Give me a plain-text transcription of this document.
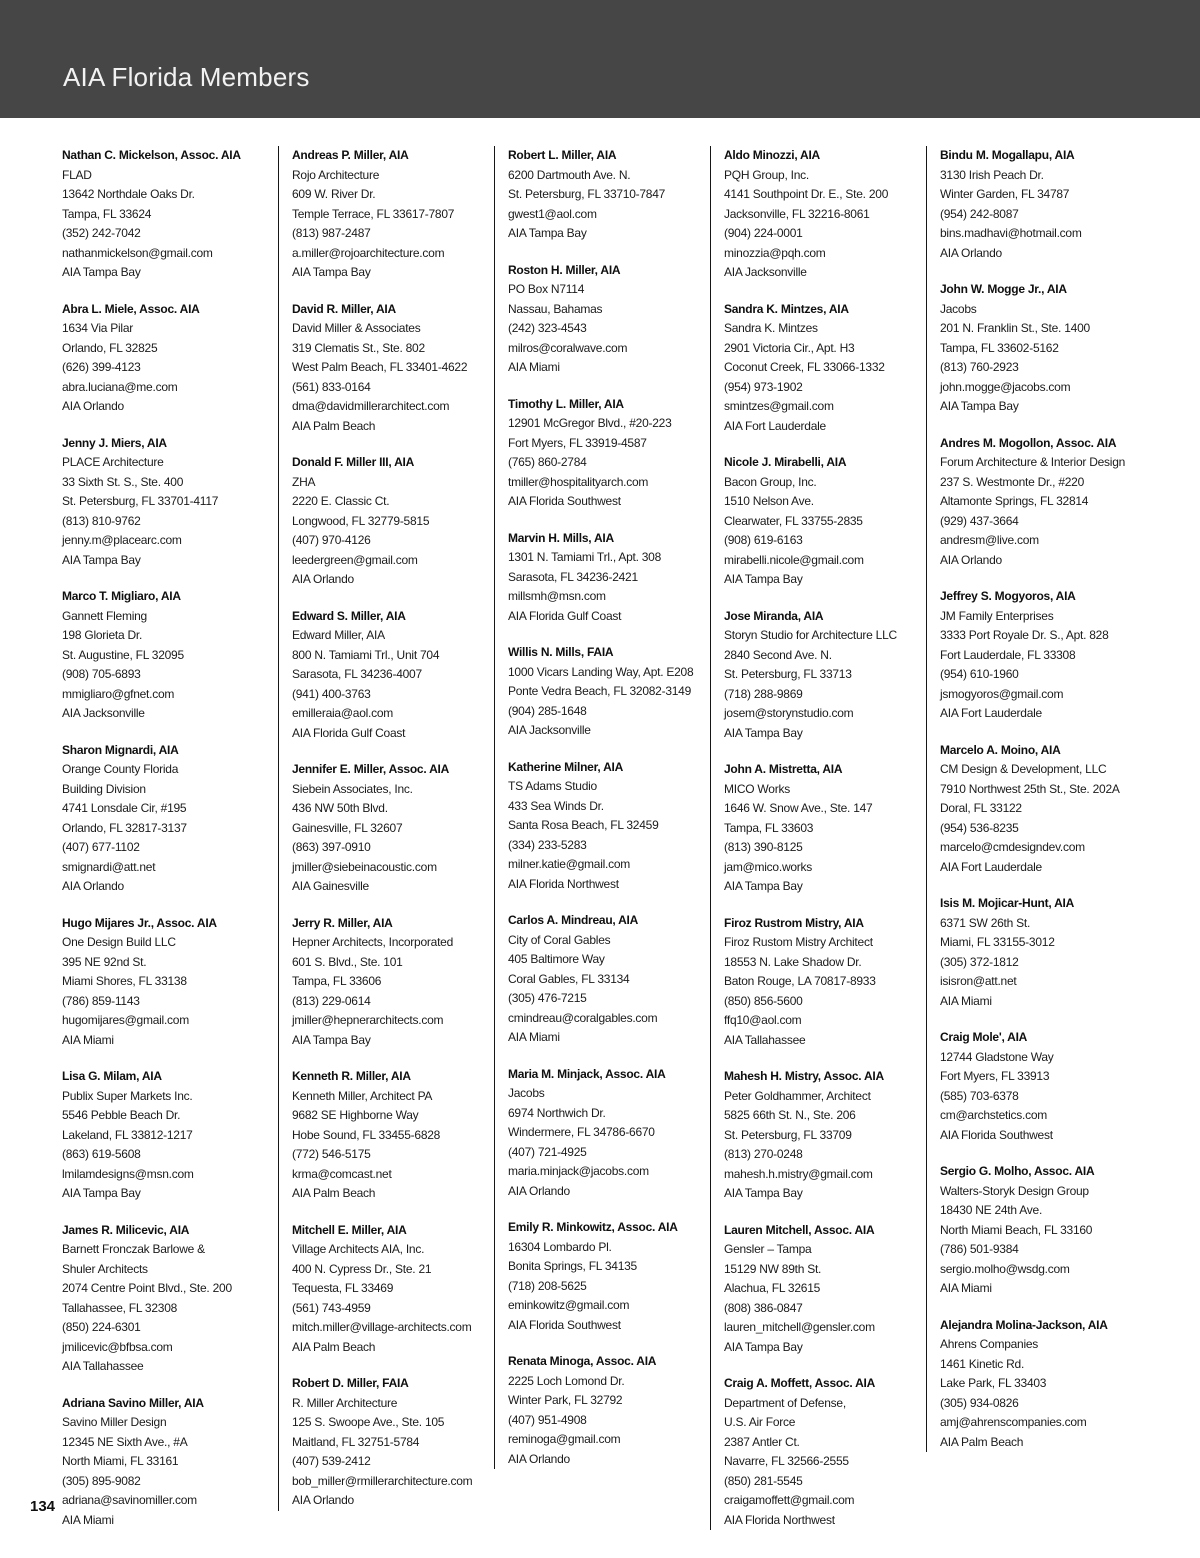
AIA Florida Members
Nathan C. Mickelson, Assoc. AIA

FLAD

13642 Northdale Oaks Dr.

Tampa, FL 33624

(352) 242-7042

nathanmickelson@gmail.com

AIA Tampa Bay

Abra L. Miele, Assoc. AIA

1634 Via Pilar

Orlando, FL 32825

(626) 399-4123

abra.luciana@me.com

AIA Orlando

Jenny J. Miers, AIA

PLACE Architecture

33 Sixth St. S., Ste. 400

St. Petersburg, FL 33701-4117

(813) 810-9762

jenny.m@placearc.com

AIA Tampa Bay

Marco T. Migliaro, AIA

Gannett Fleming

198 Glorieta Dr.

St. Augustine, FL 32095

(908) 705-6893

mmigliaro@gfnet.com

AIA Jacksonville

Sharon Mignardi, AIA

Orange County Florida

Building Division

4741 Lonsdale Cir, #195

Orlando, FL 32817-3137

(407) 677-1102

smignardi@att.net

AIA Orlando

Hugo Mijares Jr., Assoc. AIA

One Design Build LLC

395 NE 92nd St.

Miami Shores, FL 33138

(786) 859-1143

hugomijares@gmail.com

AIA Miami

Lisa G. Milam, AIA

Publix Super Markets Inc.

5546 Pebble Beach Dr.

Lakeland, FL 33812-1217

(863) 619-5608

lmilamdesigns@msn.com

AIA Tampa Bay

James R. Milicevic, AIA

Barnett Fronczak Barlowe &

Shuler Architects

2074 Centre Point Blvd., Ste. 200

Tallahassee, FL 32308

(850) 224-6301

jmilicevic@bfbsa.com

AIA Tallahassee

Adriana Savino Miller, AIA

Savino Miller Design

12345 NE Sixth Ave., #A

North Miami, FL 33161

(305) 895-9082

adriana@savinomiller.com

AIA Miami

Andreas P. Miller, AIA

Rojo Architecture

609 W. River Dr.

Temple Terrace, FL 33617-7807

(813) 987-2487

a.miller@rojoarchitecture.com

AIA Tampa Bay

David R. Miller, AIA

David Miller & Associates

319 Clematis St., Ste. 802

West Palm Beach, FL 33401-4622

(561) 833-0164

dma@davidmillerarchitect.com

AIA Palm Beach

Donald F. Miller III, AIA

ZHA

2220 E. Classic Ct.

Longwood, FL 32779-5815

(407) 970-4126

leedergreen@gmail.com

AIA Orlando

Edward S. Miller, AIA

Edward Miller, AIA

800 N. Tamiami Trl., Unit 704

Sarasota, FL 34236-4007

(941) 400-3763

emilleraia@aol.com

AIA Florida Gulf Coast

Jennifer E. Miller, Assoc. AIA

Siebein Associates, Inc.

436 NW 50th Blvd.

Gainesville, FL 32607

(863) 397-0910

jmiller@siebeinacoustic.com

AIA Gainesville

Jerry R. Miller, AIA

Hepner Architects, Incorporated

601 S. Blvd., Ste. 101

Tampa, FL 33606

(813) 229-0614

jmiller@hepnerarchitects.com

AIA Tampa Bay

Kenneth R. Miller, AIA

Kenneth Miller, Architect PA

9682 SE Highborne Way

Hobe Sound, FL 33455-6828

(772) 546-5175

krma@comcast.net

AIA Palm Beach

Mitchell E. Miller, AIA

Village Architects AIA, Inc.

400 N. Cypress Dr., Ste. 21

Tequesta, FL 33469

(561) 743-4959

mitch.miller@village-architects.com

AIA Palm Beach

Robert D. Miller, FAIA

R. Miller Architecture

125 S. Swoope Ave., Ste. 105

Maitland, FL 32751-5784

(407) 539-2412

bob_miller@rmillerarchitecture.com

AIA Orlando

Robert L. Miller, AIA

6200 Dartmouth Ave. N.

St. Petersburg, FL 33710-7847

gwest1@aol.com

AIA Tampa Bay

Roston H. Miller, AIA

PO Box N7114

Nassau, Bahamas

(242) 323-4543

milros@coralwave.com

AIA Miami

Timothy L. Miller, AIA

12901 McGregor Blvd., #20-223

Fort Myers, FL 33919-4587

(765) 860-2784

tmiller@hospitalityarch.com

AIA Florida Southwest

Marvin H. Mills, AIA

1301 N. Tamiami Trl., Apt. 308

Sarasota, FL 34236-2421

millsmh@msn.com

AIA Florida Gulf Coast

Willis N. Mills, FAIA

1000 Vicars Landing Way, Apt. E208

Ponte Vedra Beach, FL 32082-3149

(904) 285-1648

AIA Jacksonville

Katherine Milner, AIA

TS Adams Studio

433 Sea Winds Dr.

Santa Rosa Beach, FL 32459

(334) 233-5283

milner.katie@gmail.com

AIA Florida Northwest

Carlos A. Mindreau, AIA

City of Coral Gables

405 Baltimore Way

Coral Gables, FL 33134

(305) 476-7215

cmindreau@coralgables.com

AIA Miami

Maria M. Minjack, Assoc. AIA

Jacobs

6974 Northwich Dr.

Windermere, FL 34786-6670

(407) 721-4925

maria.minjack@jacobs.com

AIA Orlando

Emily R. Minkowitz, Assoc. AIA

16304 Lombardo Pl.

Bonita Springs, FL 34135

(718) 208-5625

eminkowitz@gmail.com

AIA Florida Southwest

Renata Minoga, Assoc. AIA

2225 Loch Lomond Dr.

Winter Park, FL 32792

(407) 951-4908

reminoga@gmail.com

AIA Orlando

Aldo Minozzi, AIA

PQH Group, Inc.

4141 Southpoint Dr. E., Ste. 200

Jacksonville, FL 32216-8061

(904) 224-0001

minozzia@pqh.com

AIA Jacksonville

Sandra K. Mintzes, AIA

Sandra K. Mintzes

2901 Victoria Cir., Apt. H3

Coconut Creek, FL 33066-1332

(954) 973-1902

smintzes@gmail.com

AIA Fort Lauderdale

Nicole J. Mirabelli, AIA

Bacon Group, Inc.

1510 Nelson Ave.

Clearwater, FL 33755-2835

(908) 619-6163

mirabelli.nicole@gmail.com

AIA Tampa Bay

Jose Miranda, AIA

Storyn Studio for Architecture LLC

2840 Second Ave. N.

St. Petersburg, FL 33713

(718) 288-9869

josem@storynstudio.com

AIA Tampa Bay

John A. Mistretta, AIA

MICO Works

1646 W. Snow Ave., Ste. 147

Tampa, FL 33603

(813) 390-8125

jam@mico.works

AIA Tampa Bay

Firoz Rustrom Mistry, AIA

Firoz Rustom Mistry Architect

18553 N. Lake Shadow Dr.

Baton Rouge, LA 70817-8933

(850) 856-5600

ffq10@aol.com

AIA Tallahassee

Mahesh H. Mistry, Assoc. AIA

Peter Goldhammer, Architect

5825 66th St. N., Ste. 206

St. Petersburg, FL 33709

(813) 270-0248

mahesh.h.mistry@gmail.com

AIA Tampa Bay

Lauren Mitchell, Assoc. AIA

Gensler – Tampa

15129 NW 89th St.

Alachua, FL 32615

(808) 386-0847

lauren_mitchell@gensler.com

AIA Tampa Bay

Craig A. Moffett, Assoc. AIA

Department of Defense,

U.S. Air Force

2387 Antler Ct.

Navarre, FL 32566-2555

(850) 281-5545

craigamoffett@gmail.com

AIA Florida Northwest

Bindu M. Mogallapu, AIA

3130 Irish Peach Dr.

Winter Garden, FL 34787

(954) 242-8087

bins.madhavi@hotmail.com

AIA Orlando

John W. Mogge Jr., AIA

Jacobs

201 N. Franklin St., Ste. 1400

Tampa, FL 33602-5162

(813) 760-2923

john.mogge@jacobs.com

AIA Tampa Bay

Andres M. Mogollon, Assoc. AIA

Forum Architecture & Interior Design

237 S. Westmonte Dr., #220

Altamonte Springs, FL 32814

(929) 437-3664

andresm@live.com

AIA Orlando

Jeffrey S. Mogyoros, AIA

JM Family Enterprises

3333 Port Royale Dr. S., Apt. 828

Fort Lauderdale, FL 33308

(954) 610-1960

jsmogyoros@gmail.com

AIA Fort Lauderdale

Marcelo A. Moino, AIA

CM Design & Development, LLC

7910 Northwest 25th St., Ste. 202A

Doral, FL 33122

(954) 536-8235

marcelo@cmdesigndev.com

AIA Fort Lauderdale

Isis M. Mojicar-Hunt, AIA

6371 SW 26th St.

Miami, FL 33155-3012

(305) 372-1812

isisron@att.net

AIA Miami

Craig Mole', AIA

12744 Gladstone Way

Fort Myers, FL 33913

(585) 703-6378

cm@archstetics.com

AIA Florida Southwest

Sergio G. Molho, Assoc. AIA

Walters-Storyk Design Group

18430 NE 24th Ave.

North Miami Beach, FL 33160

(786) 501-9384

sergio.molho@wsdg.com

AIA Miami

Alejandra Molina-Jackson, AIA

Ahrens Companies

1461 Kinetic Rd.

Lake Park, FL 33403

(305) 934-0826

amj@ahrenscompanies.com

AIA Palm Beach

134
